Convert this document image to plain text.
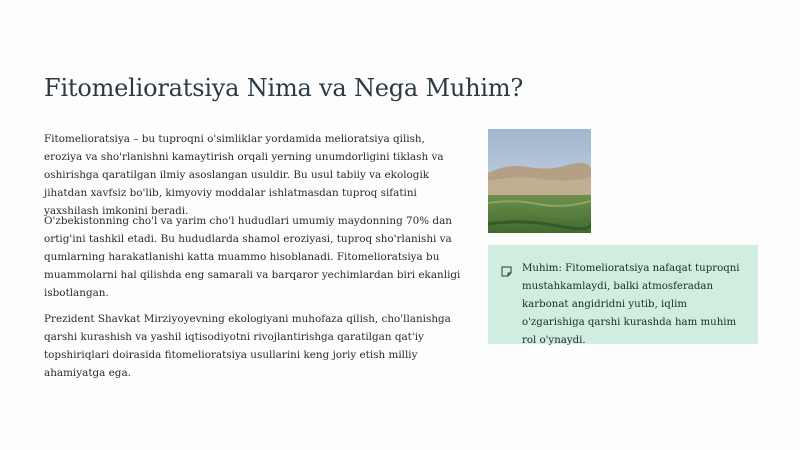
Fitomelioratsiya Nima va Nega Muhim?

Fitomelioratsiya – bu tuproqni o'simliklar yordamida melioratsiya qilish, eroziya va sho'rlanishni kamaytirish orqali yerning unumdorligini tiklash va oshirishga qaratilgan ilmiy asoslangan usuldir. Bu usul tabiiy va ekologik jihatdan xavfsiz bo'lib, kimyoviy moddalar ishlatmasdan tuproq sifatini yaxshilash imkonini beradi.

O'zbekistonning cho'l va yarim cho'l hududlari umumiy maydonning 70% dan ortig'ini tashkil etadi. Bu hududlarda shamol eroziyasi, tuproq sho'rlanishi va qumlarning harakatlanishi katta muammo hisoblanadi. Fitomelioratsiya bu muammolarni hal qilishda eng samarali va barqaror yechimlardan biri ekanligi isbotlangan.

Prezident Shavkat Mirziyoyevning ekologiyani muhofaza qilish, cho'llanishga qarshi kurashish va yashil iqtisodiyotni rivojlantirishga qaratilgan qat'iy topshiriqlari doirasida fitomelioratsiya usullarini keng joriy etish milliy ahamiyatga ega.

Muhim: Fitomelioratsiya nafaqat tuproqni mustahkamlaydi, balki atmosferadan karbonat angidridni yutib, iqlim o'zgarishiga qarshi kurashda ham muhim rol o'ynaydi.
